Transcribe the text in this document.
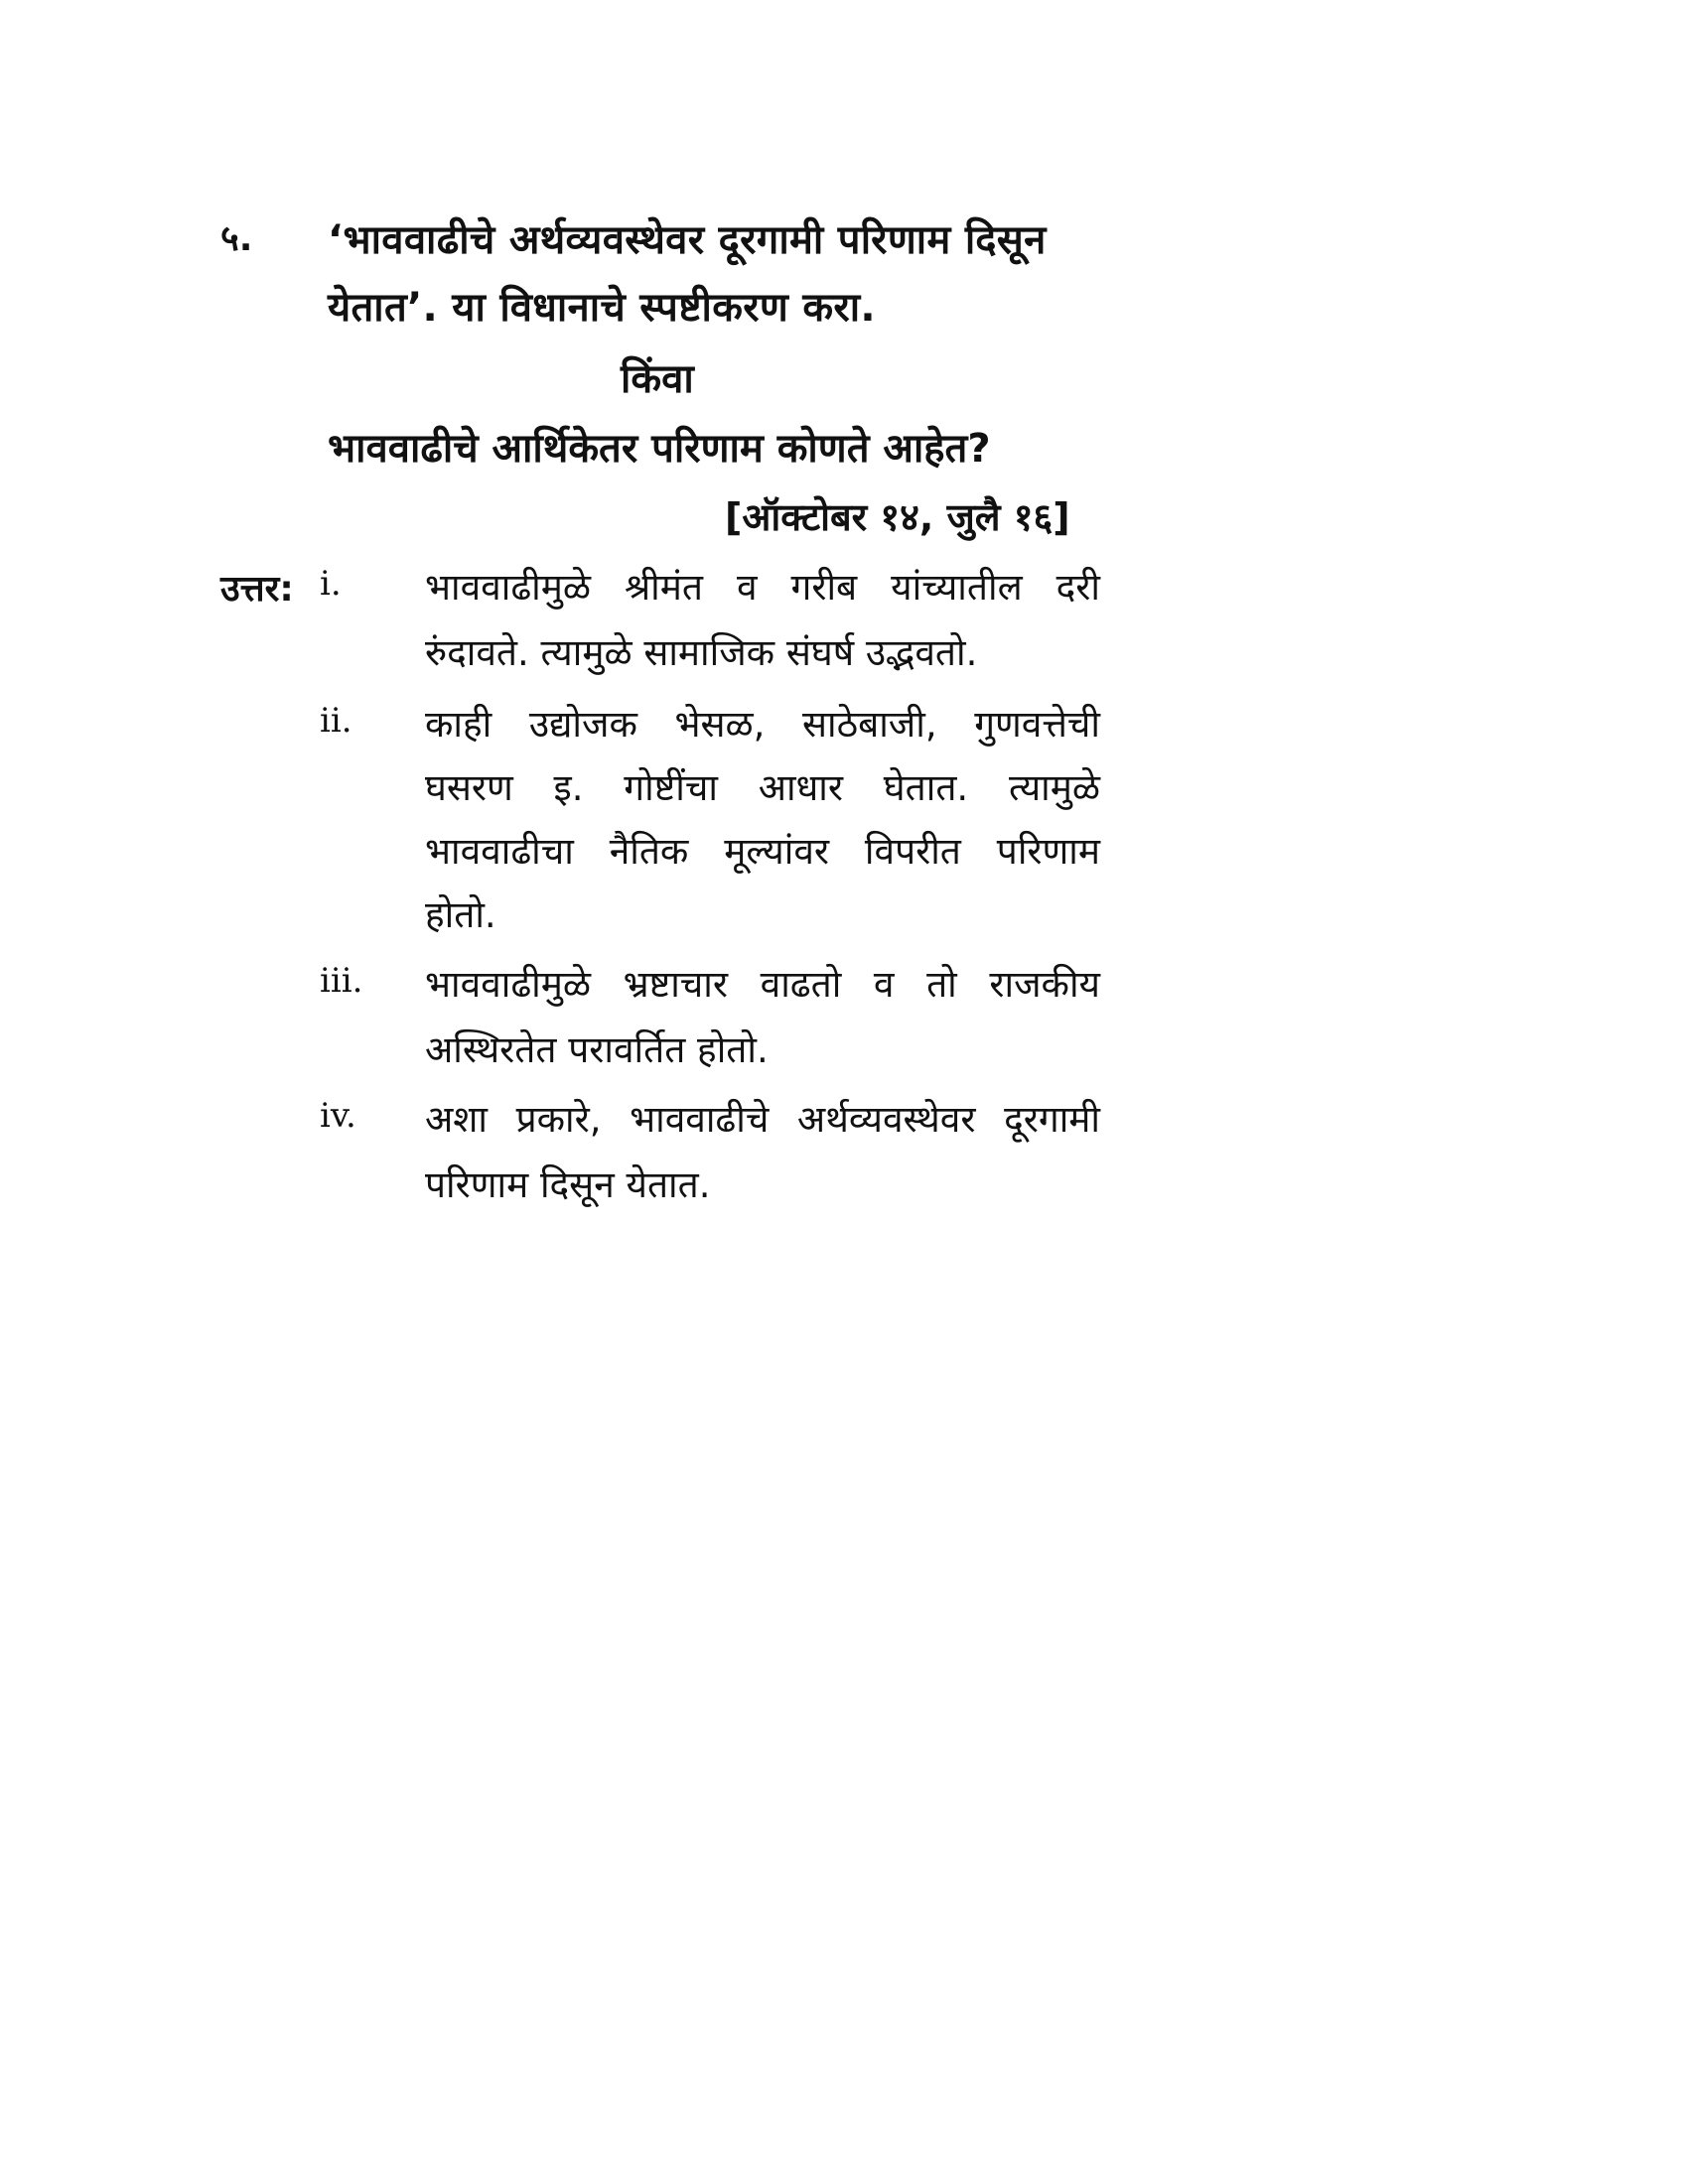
५. ‘भाववाढीचे अर्थव्यवस्थेवर दूरगामी परिणाम दिसून
येतात’. या विधानाचे स्पष्टीकरण करा.
किंवा
भाववाढीचे आर्थिकेतर परिणाम कोणते आहेत?
[ऑक्टोबर १४, जुलै १६]
उत्तर: i. भाववाढीमुळे श्रीमंत व गरीब यांच्यातील दरी
रुंदावते. त्यामुळे सामाजिक संघर्ष उद्भवतो.
ii. काही उद्योजक भेसळ, साठेबाजी, गुणवत्तेची
घसरण इ. गोष्टींचा आधार घेतात. त्यामुळे
भाववाढीचा नैतिक मूल्यांवर विपरीत परिणाम
होतो.
iii. भाववाढीमुळे भ्रष्टाचार वाढतो व तो राजकीय
अस्थिरतेत परावर्तित होतो.
iv. अशा प्रकारे, भाववाढीचे अर्थव्यवस्थेवर दूरगामी
परिणाम दिसून येतात.
